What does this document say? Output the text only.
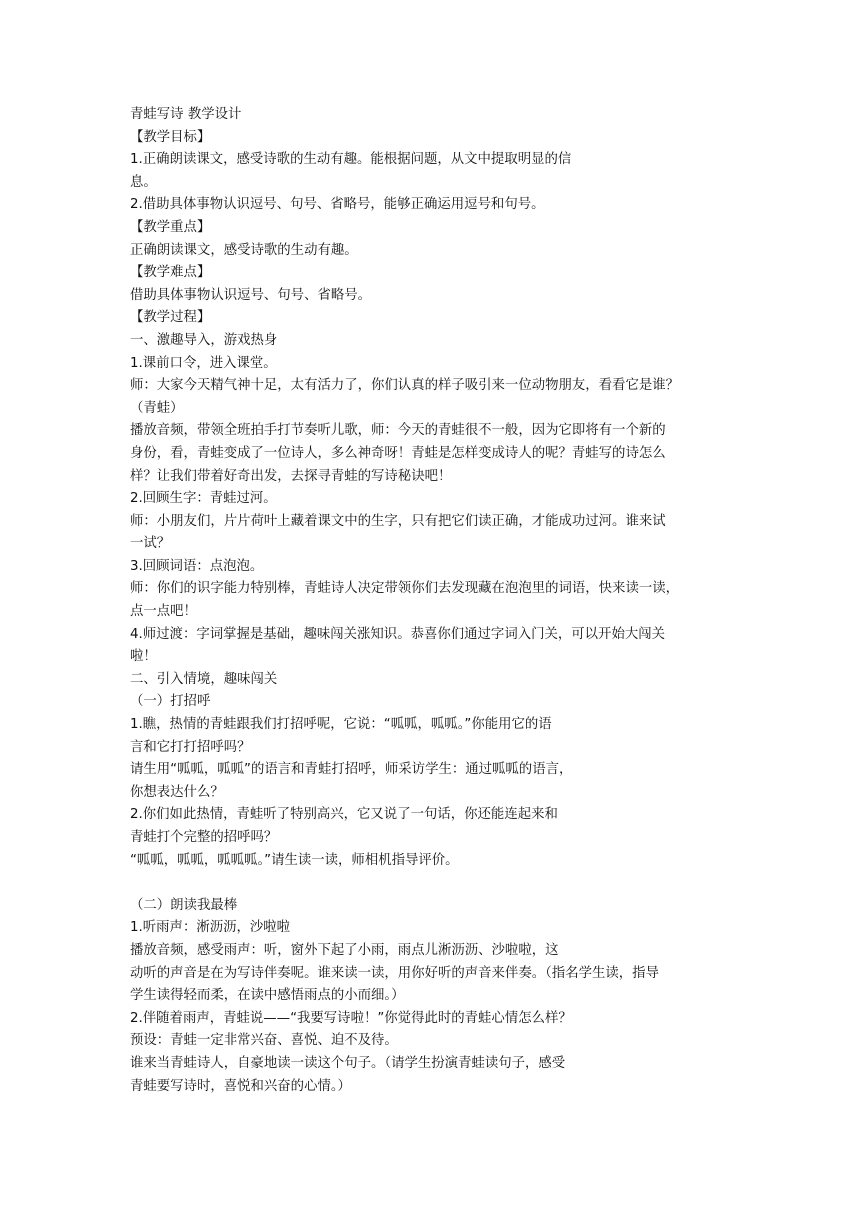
青蛙写诗 教学设计
【教学目标】
1.正确朗读课文，感受诗歌的生动有趣。能根据问题，从文中提取明显的信
息。
2.借助具体事物认识逗号、句号、省略号，能够正确运用逗号和句号。
【教学重点】
正确朗读课文，感受诗歌的生动有趣。
【教学难点】
借助具体事物认识逗号、句号、省略号。
【教学过程】
一、激趣导入，游戏热身
1.课前口令，进入课堂。
师：大家今天精气神十足，太有活力了，你们认真的样子吸引来一位动物朋友，看看它是谁？
（青蛙）
播放音频，带领全班拍手打节奏听儿歌，师：今天的青蛙很不一般，因为它即将有一个新的
身份，看，青蛙变成了一位诗人，多么神奇呀！青蛙是怎样变成诗人的呢？青蛙写的诗怎么
样？让我们带着好奇出发，去探寻青蛙的写诗秘诀吧！
2.回顾生字：青蛙过河。
师：小朋友们，片片荷叶上藏着课文中的生字，只有把它们读正确，才能成功过河。谁来试
一试？
3.回顾词语：点泡泡。
师：你们的识字能力特别棒，青蛙诗人决定带领你们去发现藏在泡泡里的词语，快来读一读，
点一点吧！
4.师过渡：字词掌握是基础，趣味闯关涨知识。恭喜你们通过字词入门关，可以开始大闯关
啦！
二、引入情境，趣味闯关
（一）打招呼
1.瞧，热情的青蛙跟我们打招呼呢，它说：“呱呱，呱呱。”你能用它的语
言和它打打招呼吗？
请生用“呱呱，呱呱”的语言和青蛙打招呼，师采访学生：通过呱呱的语言，
你想表达什么？
2.你们如此热情，青蛙听了特别高兴，它又说了一句话，你还能连起来和
青蛙打个完整的招呼吗？
“呱呱，呱呱，呱呱呱。”请生读一读，师相机指导评价。
（二）朗读我最棒
1.听雨声：淅沥沥，沙啦啦
播放音频，感受雨声：听，窗外下起了小雨，雨点儿淅沥沥、沙啦啦，这
动听的声音是在为写诗伴奏呢。谁来读一读，用你好听的声音来伴奏。（指名学生读，指导
学生读得轻而柔，在读中感悟雨点的小而细。）
2.伴随着雨声，青蛙说——“我要写诗啦！”你觉得此时的青蛙心情怎么样？
预设：青蛙一定非常兴奋、喜悦、迫不及待。
谁来当青蛙诗人，自豪地读一读这个句子。（请学生扮演青蛙读句子，感受
青蛙要写诗时，喜悦和兴奋的心情。）
